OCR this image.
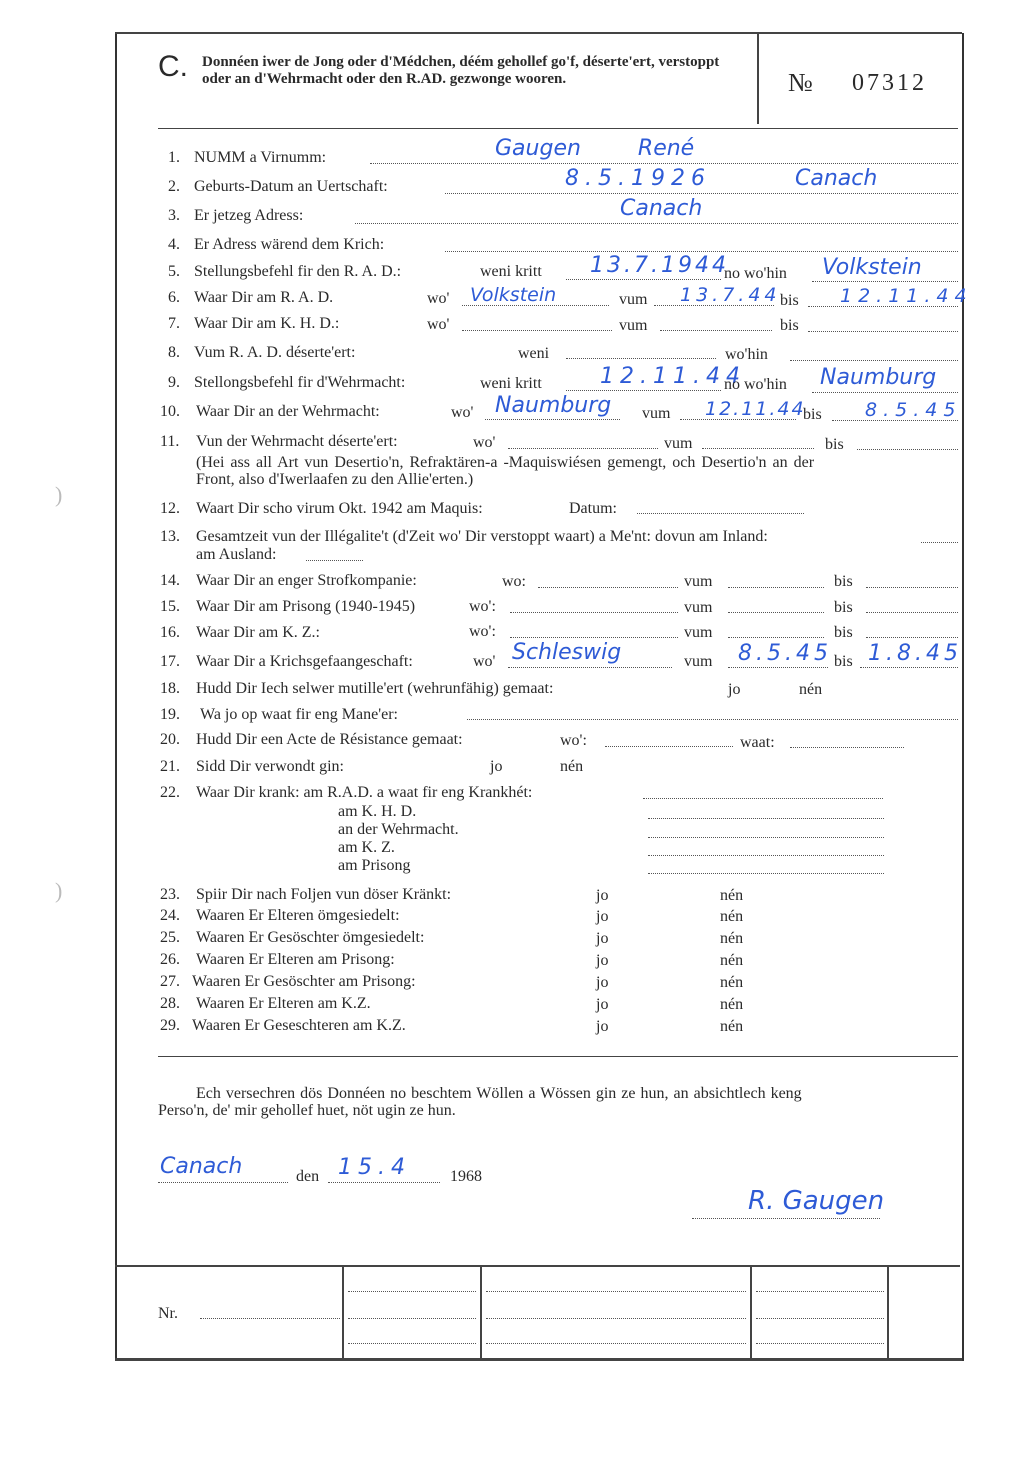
)
)
C. Donnéen iwer de Jong oder d'Médchen, déém gehollef go'f, déserte'ert, verstoppt oder an d'Wehrmacht oder den R.AD. gezwonge wooren.	№ 07312
1. NUMM a Virnumm:	Gaugen René
2. Geburts-Datum an Uertschaft:	8.5.1926	Canach
3. Er jetzeg Adress:	Canach
4. Er Adress wärend dem Krich:
5. Stellungsbefehl fir den R. A. D.:	weni kritt 13.7.1944
no wo'hin Volkstein
6. Waar Dir am R. A. D.	wo' Volkstein	vum 13.7.44 bis 12.11.44
7. Waar Dir am K. H. D.:	wo'	vum	bis
8. Vum R. A. D. déserte'ert:	weni	wo'hin
9. Stellongsbefehl fir d'Wehrmacht:	weni kritt	12.11.44
no wo'hin Naumburg
10. Waar Dir an der Wehrmacht:	wo' Naumburg vum 12.11.44
bis 8.5.45
11. Vun der Wehrmacht déserte'ert:	wo'	vum	bis
(Hei ass all Art vun Desertio'n, Refraktären-a -Maquiswiésen gemengt, och Desertio'n an der
Front, also d'Iwerlaafen zu den Allie'erten.)
12. Waart Dir scho virum Okt. 1942 am Maquis:	Datum:
13. Gesamtzeit vun der Illégalite't (d'Zeit wo' Dir verstoppt waart) a Me'nt: dovun am Inland:
am Ausland:
14. Waar Dir an enger Strofkompanie:	wo:	vum	bis
15. Waar Dir am Prisong (1940-1945)	wo':	vum	bis
16. Waar Dir am K. Z.:	wo':	vum	bis
17. Waar Dir a Krichsgefaangeschaft:	wo' Schleswig	vum 8.5.45 bis 1.8.45
18. Hudd Dir Iech selwer mutille'ert (wehrunfähig) gemaat:	jo	nén
19. Wa jo op waat fir eng Mane'er:
20. Hudd Dir een Acte de Résistance gemaat:	wo':	waat:
21. Sidd Dir verwondt gin:	jo	nén
22. Waar Dir krank: am R.A.D. a waat fir eng Krankhét:
am K. H. D.
an der Wehrmacht.
am K. Z.
am Prisong
23. Spiir Dir nach Foljen vun döser Kränkt:	jo	nén
24. Waaren Er Elteren ömgesiedelt:	jo	nén
25. Waaren Er Gesöschter ömgesiedelt:	jo	nén
26. Waaren Er Elteren am Prisong:	jo	nén
27. Waaren Er Gesöschter am Prisong:	jo	nén
28. Waaren Er Elteren am K.Z.	jo	nén
29. Waaren Er Geseschteren am K.Z.	jo	nén
Ech versechren dös Donnéen no beschtem Wöllen a Wössen gin ze hun, an absichtlech keng
Perso'n, de' mir gehollef huet, nöt ugin ze hun.
Canach	den 15.4 1968
R. Gaugen
Nr.
